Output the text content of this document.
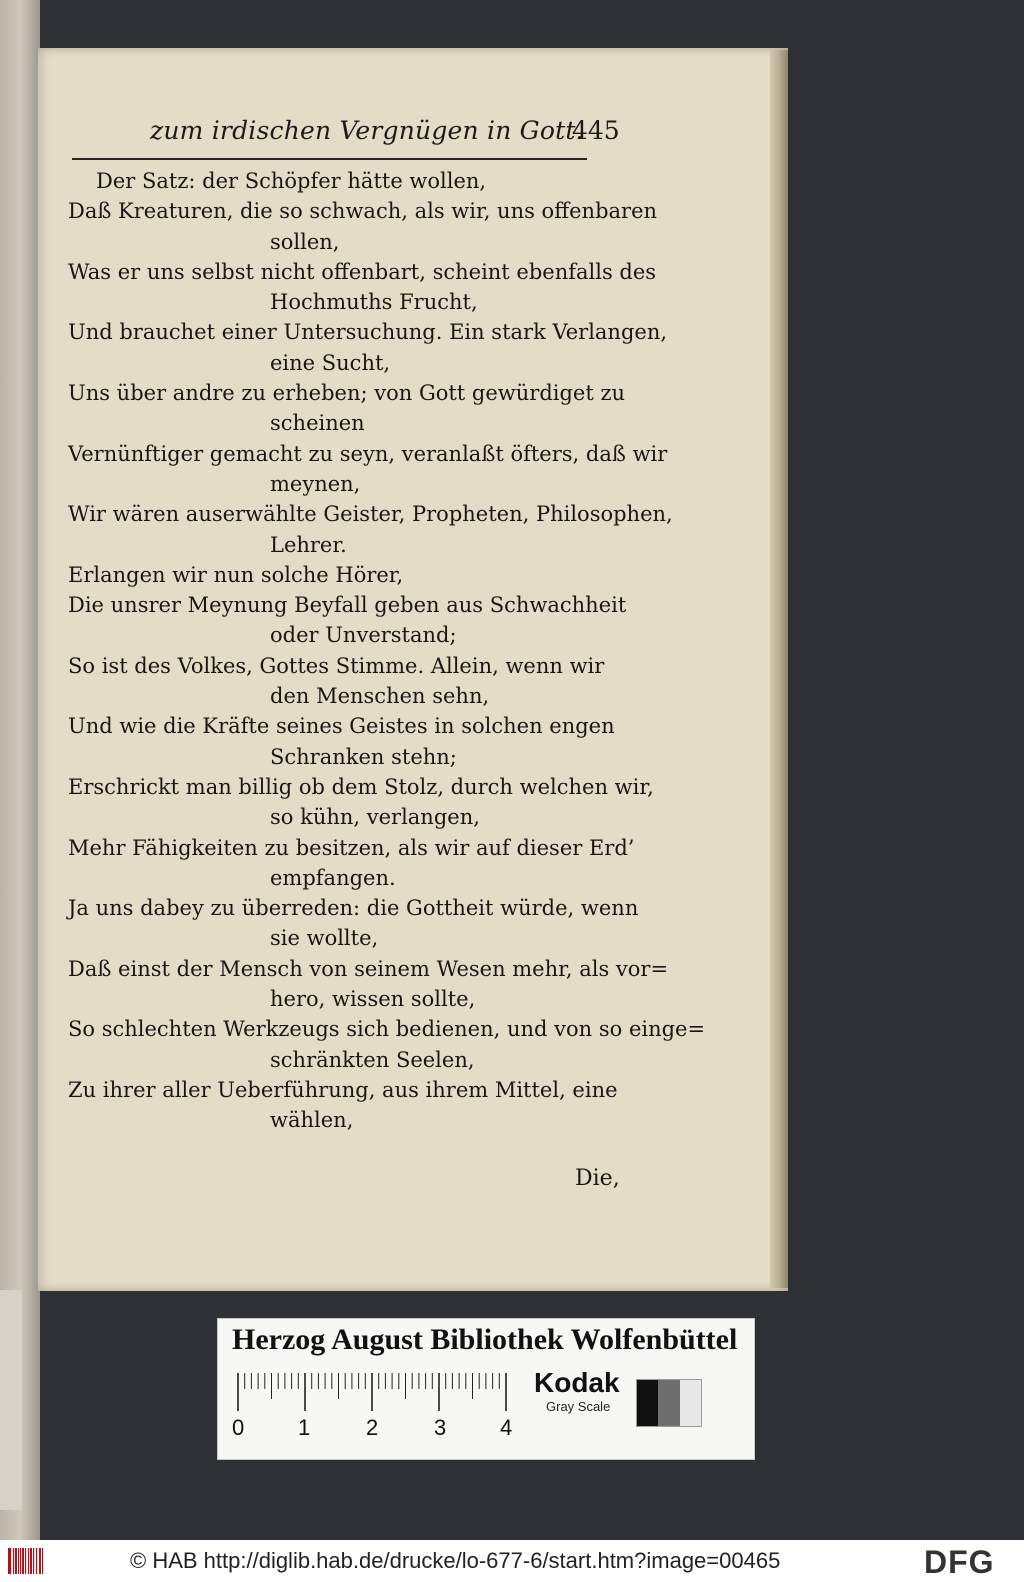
zum irdischen Vergnügen in Gott.
445
Der Satz: der Schöpfer hätte wollen,
Daß Kreaturen, die so schwach, als wir, uns offenbaren
sollen,
Was er uns selbst nicht offenbart, scheint ebenfalls des
Hochmuths Frucht,
Und brauchet einer Untersuchung. Ein stark Verlangen,
eine Sucht,
Uns über andre zu erheben; von Gott gewürdiget zu
scheinen
Vernünftiger gemacht zu seyn, veranlaßt öfters, daß wir
meynen,
Wir wären auserwählte Geister, Propheten, Philosophen,
Lehrer.
Erlangen wir nun solche Hörer,
Die unsrer Meynung Beyfall geben aus Schwachheit
oder Unverstand;
So ist des Volkes, Gottes Stimme. Allein, wenn wir
den Menschen sehn,
Und wie die Kräfte seines Geistes in solchen engen
Schranken stehn;
Erschrickt man billig ob dem Stolz, durch welchen wir,
so kühn, verlangen,
Mehr Fähigkeiten zu besitzen, als wir auf dieser Erd’
empfangen.
Ja uns dabey zu überreden: die Gottheit würde, wenn
sie wollte,
Daß einst der Mensch von seinem Wesen mehr, als vor=
hero, wissen sollte,
So schlechten Werkzeugs sich bedienen, und von so einge=
schränkten Seelen,
Zu ihrer aller Ueberführung, aus ihrem Mittel, eine
wählen,
Die,
Herzog August Bibliothek Wolfenbüttel
0 1	2	3 4
Kodak
Gray Scale
© HAB http://diglib.hab.de/drucke/lo-677-6/start.htm?image=00465	DFG
